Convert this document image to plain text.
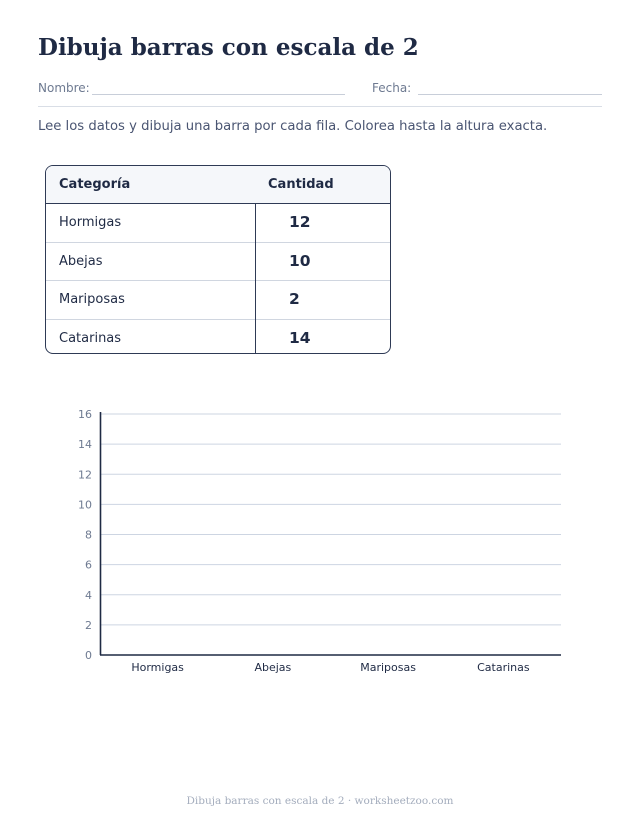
Dibuja barras con escala de 2
Nombre:	Fecha:
Lee los datos y dibuja una barra por cada fila. Colorea hasta la altura exacta.
Categoría	Cantidad
Hormigas	12
Abejas	10
Mariposas	2
Catarinas	14
0
2
4
6
8
10
12
14
16
Hormigas	Abejas	Mariposas	Catarinas
Dibuja barras con escala de 2 · worksheetzoo.com
